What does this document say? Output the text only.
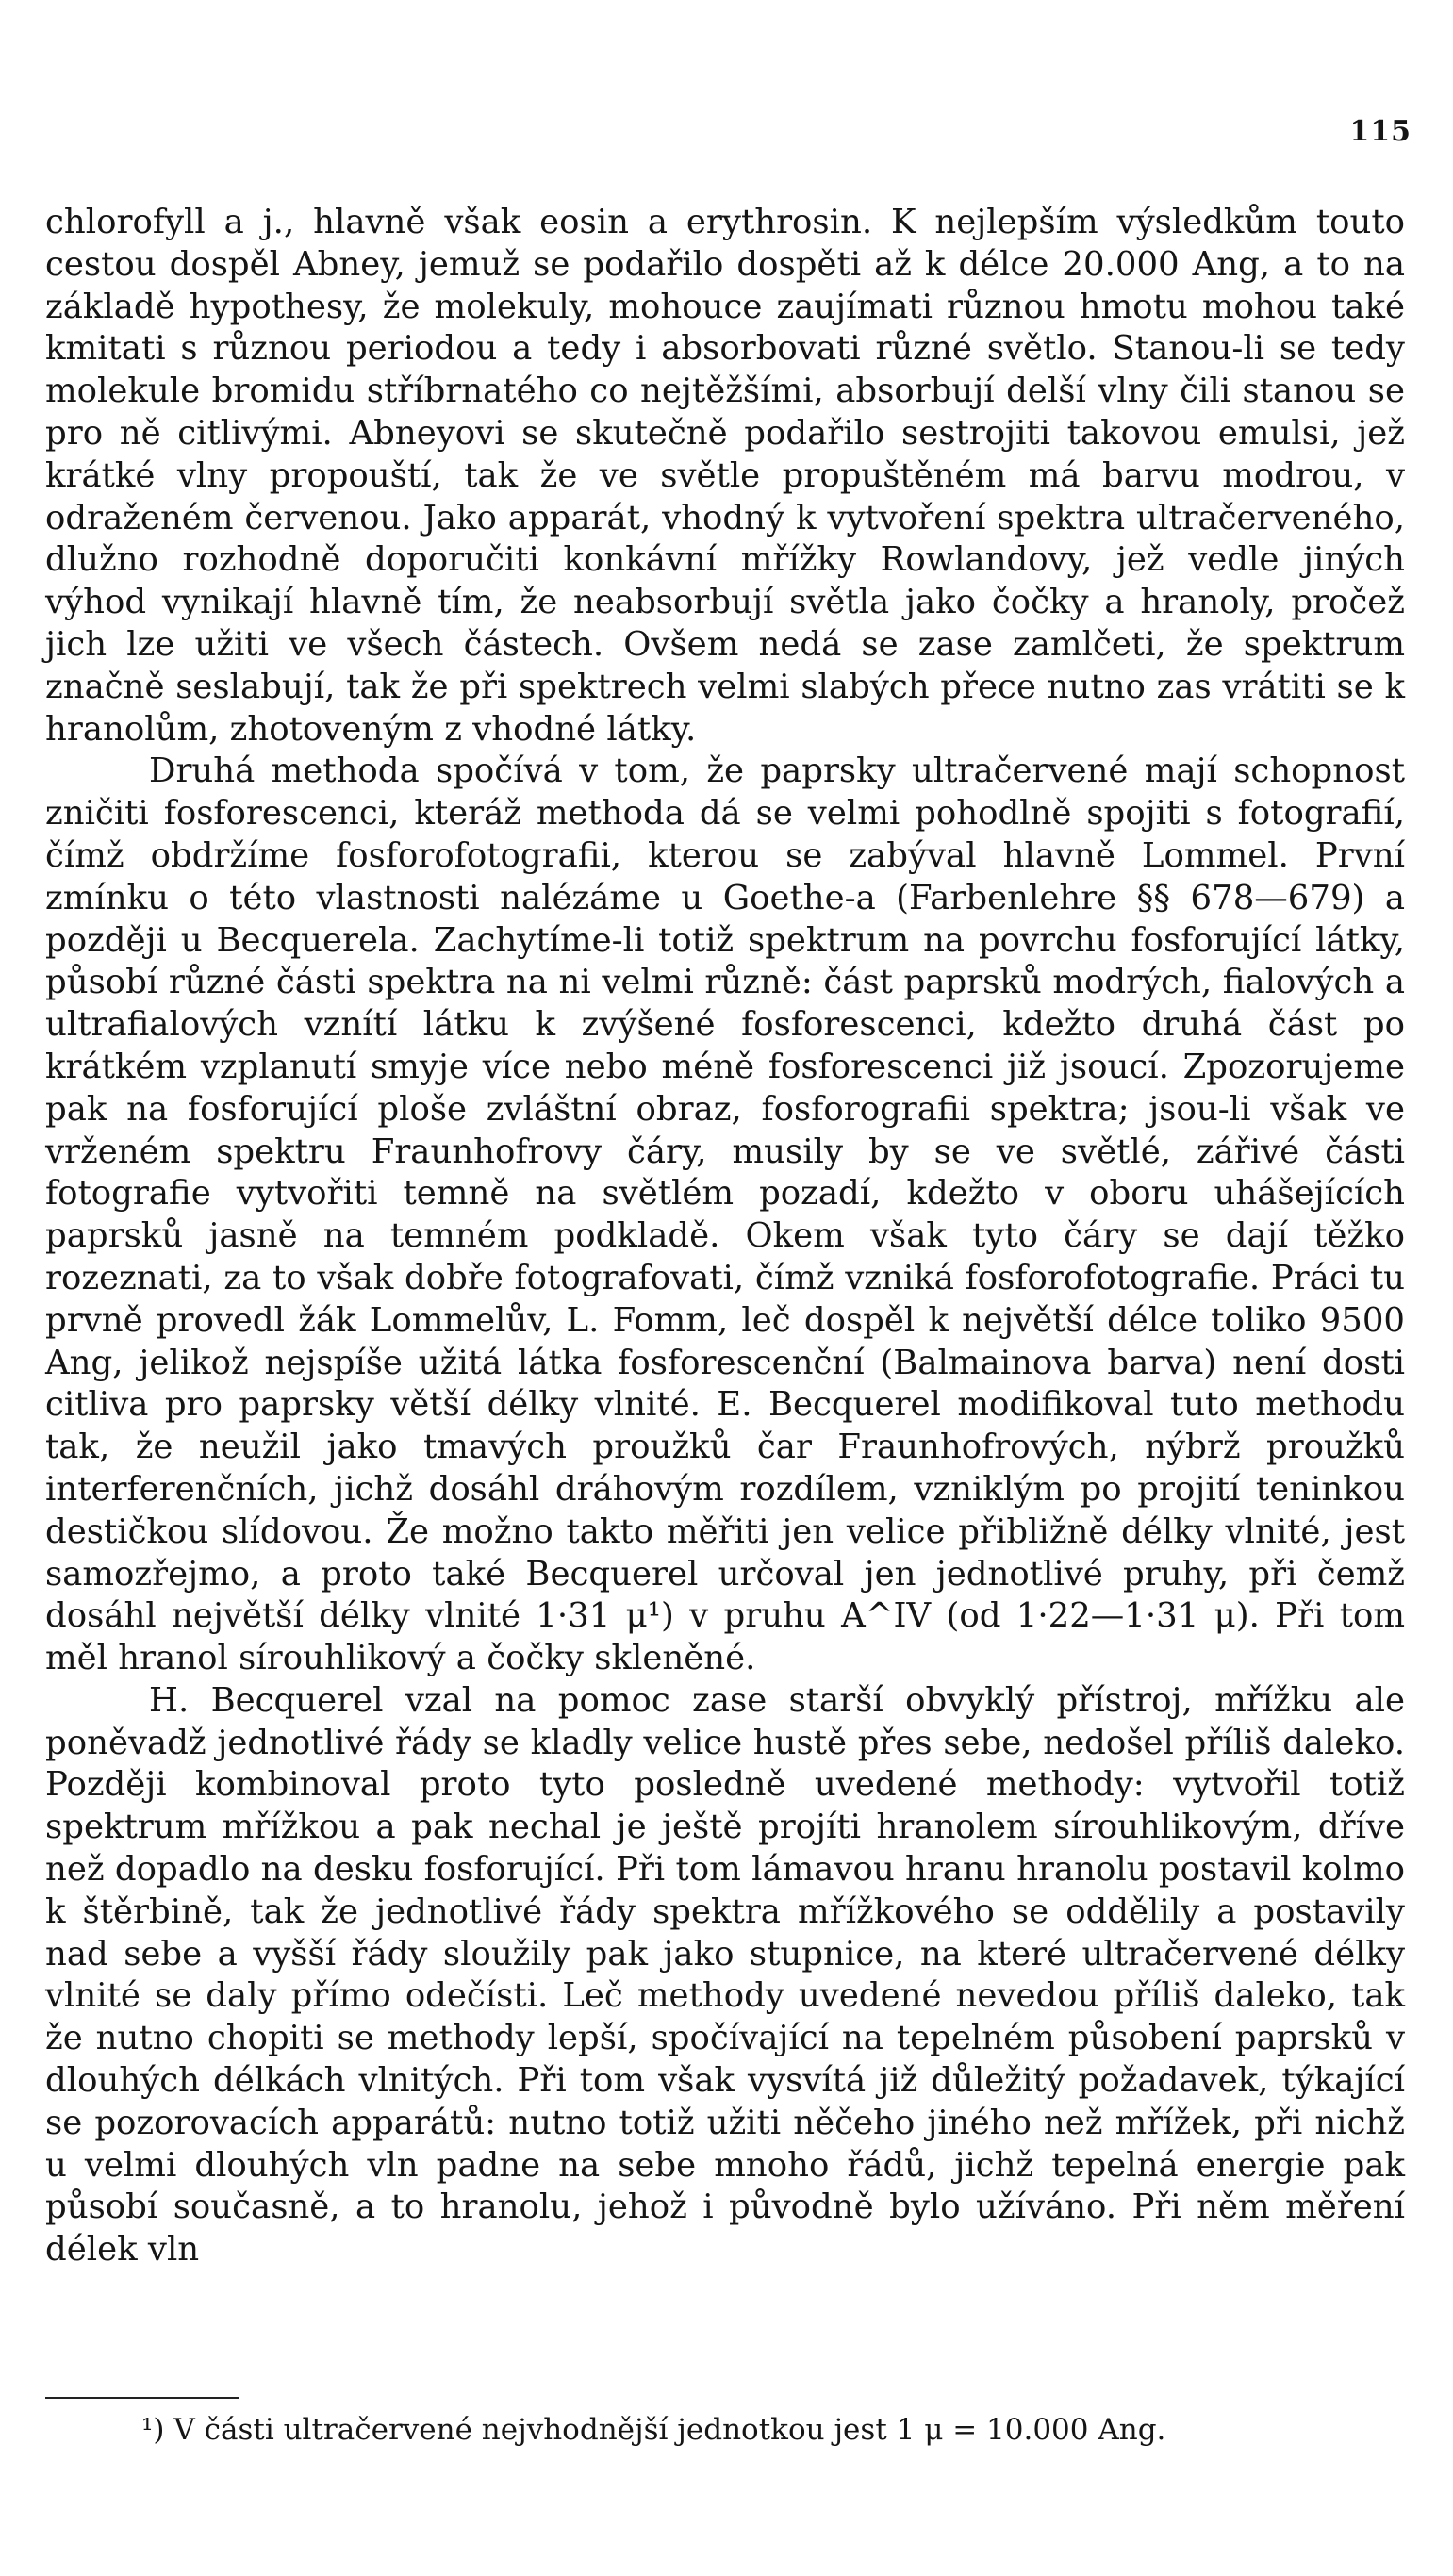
115

chlorofyll a j., hlavně však eosin a erythrosin. K nejlepším výsledkům touto cestou dospěl Abney, jemuž se podařilo dospěti až k délce 20.000 Ang, a to na základě hypothesy, že molekuly, mohouce zaujímati různou hmotu mohou také kmitati s různou periodou a tedy i absorbovati různé světlo. Stanou-li se tedy molekule bromidu stříbrnatého co nejtěžšími, absorbují delší vlny čili stanou se pro ně citlivými. Abneyovi se skutečně podařilo sestrojiti takovou emulsi, jež krátké vlny propouští, tak že ve světle propuštěném má barvu modrou, v odraženém červenou. Jako apparát, vhodný k vytvoření spektra ultračerveného, dlužno rozhodně doporučiti konkávní mřížky Rowlandovy, jež vedle jiných výhod vynikají hlavně tím, že neabsorbují světla jako čočky a hranoly, pročež jich lze užiti ve všech částech. Ovšem nedá se zase zamlčeti, že spektrum značně seslabují, tak že při spektrech velmi slabých přece nutno zas vrátiti se k hranolům, zhotoveným z vhodné látky.

Druhá methoda spočívá v tom, že paprsky ultračervené mají schopnost zničiti fosforescenci, kteráž methoda dá se velmi pohodlně spojiti s fotografií, čímž obdržíme fosforofotografii, kterou se zabýval hlavně Lommel. První zmínku o této vlastnosti nalézáme u Goethe-a (Farbenlehre §§ 678—679) a později u Becquerela. Zachytíme-li totiž spektrum na povrchu fosforující látky, působí různé části spektra na ni velmi různě: část paprsků modrých, fialových a ultrafialových vznítí látku k zvýšené fosforescenci, kdežto druhá část po krátkém vzplanutí smyje více nebo méně fosforescenci již jsoucí. Zpozorujeme pak na fosforující ploše zvláštní obraz, fosforografii spektra; jsou-li však ve vrženém spektru Fraunhofrovy čáry, musily by se ve světlé, zářivé části fotografie vytvořiti temně na světlém pozadí, kdežto v oboru uhášejících paprsků jasně na temném podkladě. Okem však tyto čáry se dají těžko rozeznati, za to však dobře fotografovati, čímž vzniká fosforofotografie. Práci tu prvně provedl žák Lommelův, L. Fomm, leč dospěl k největší délce toliko 9500 Ang, jelikož nejspíše užitá látka fosforescenční (Balmainova barva) není dosti citliva pro paprsky větší délky vlnité. E. Becquerel modifikoval tuto methodu tak, že neužil jako tmavých proužků čar Fraunhofrových, nýbrž proužků interferenčních, jichž dosáhl dráhovým rozdílem, vzniklým po projití teninkou destičkou slídovou. Že možno takto měřiti jen velice přibližně délky vlnité, jest samozřejmo, a proto také Becquerel určoval jen jednotlivé pruhy, při čemž dosáhl největší délky vlnité 1·31 μ¹) v pruhu A^IV (od 1·22—1·31 μ). Při tom měl hranol sírouhlikový a čočky skleněné.

H. Becquerel vzal na pomoc zase starší obvyklý přístroj, mřížku ale poněvadž jednotlivé řády se kladly velice hustě přes sebe, nedošel příliš daleko. Později kombinoval proto tyto posledně uvedené methody: vytvořil totiž spektrum mřížkou a pak nechal je ještě projíti hranolem sírouhlikovým, dříve než dopadlo na desku fosforující. Při tom lámavou hranu hranolu postavil kolmo k štěrbině, tak že jednotlivé řády spektra mřížkového se oddělily a postavily nad sebe a vyšší řády sloužily pak jako stupnice, na které ultračervené délky vlnité se daly přímo odečísti. Leč methody uvedené nevedou příliš daleko, tak že nutno chopiti se methody lepší, spočívající na tepelném působení paprsků v dlouhých délkách vlnitých. Při tom však vysvítá již důležitý požadavek, týkající se pozorovacích apparátů: nutno totiž užiti něčeho jiného než mřížek, při nichž u velmi dlouhých vln padne na sebe mnoho řádů, jichž tepelná energie pak působí současně, a to hranolu, jehož i původně bylo užíváno. Při něm měření délek vln

¹) V části ultračervené nejvhodnější jednotkou jest 1 μ = 10.000 Ang.
